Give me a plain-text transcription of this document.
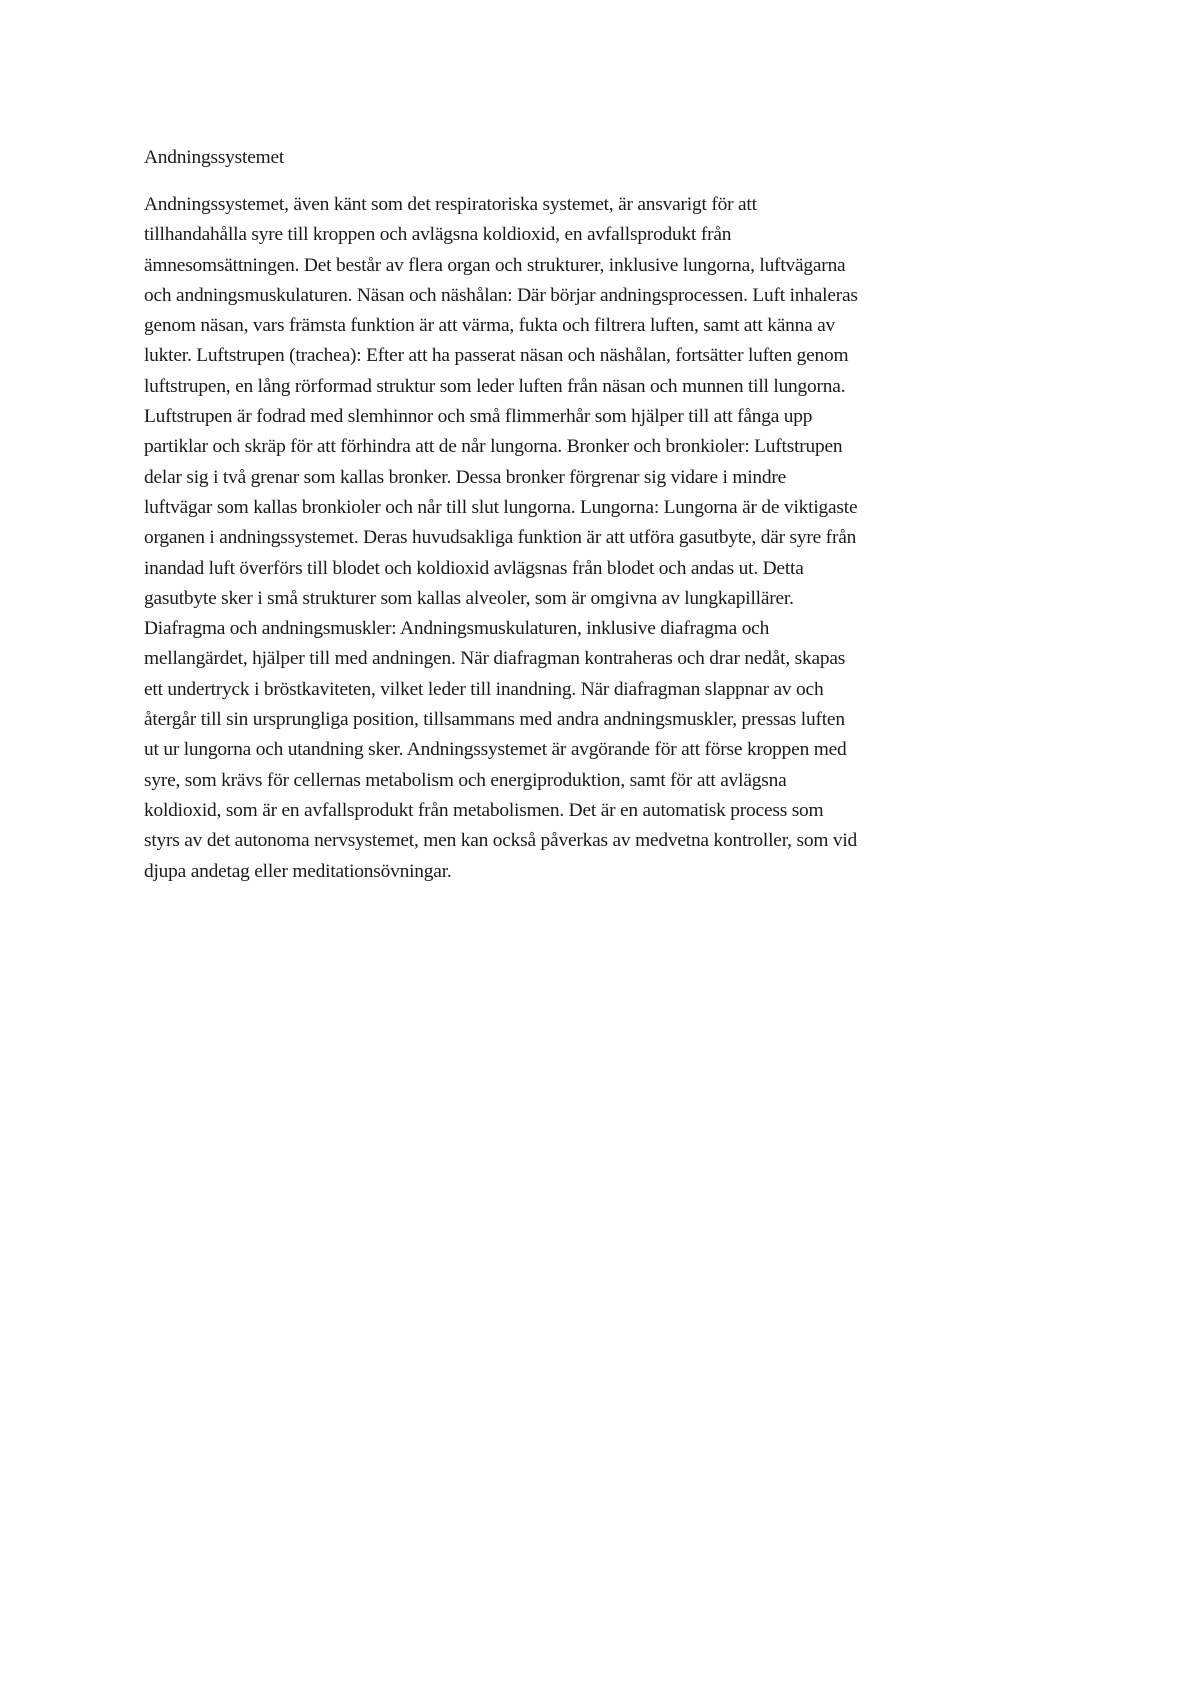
Andningssystemet

Andningssystemet, även känt som det respiratoriska systemet, är ansvarigt för att
tillhandahålla syre till kroppen och avlägsna koldioxid, en avfallsprodukt från
ämnesomsättningen. Det består av flera organ och strukturer, inklusive lungorna, luftvägarna
och andningsmuskulaturen. Näsan och näshålan: Där börjar andningsprocessen. Luft inhaleras
genom näsan, vars främsta funktion är att värma, fukta och filtrera luften, samt att känna av
lukter. Luftstrupen (trachea): Efter att ha passerat näsan och näshålan, fortsätter luften genom
luftstrupen, en lång rörformad struktur som leder luften från näsan och munnen till lungorna.
Luftstrupen är fodrad med slemhinnor och små flimmerhår som hjälper till att fånga upp
partiklar och skräp för att förhindra att de når lungorna. Bronker och bronkioler: Luftstrupen
delar sig i två grenar som kallas bronker. Dessa bronker förgrenar sig vidare i mindre
luftvägar som kallas bronkioler och når till slut lungorna. Lungorna: Lungorna är de viktigaste
organen i andningssystemet. Deras huvudsakliga funktion är att utföra gasutbyte, där syre från
inandad luft överförs till blodet och koldioxid avlägsnas från blodet och andas ut. Detta
gasutbyte sker i små strukturer som kallas alveoler, som är omgivna av lungkapillärer.
Diafragma och andningsmuskler: Andningsmuskulaturen, inklusive diafragma och
mellangärdet, hjälper till med andningen. När diafragman kontraheras och drar nedåt, skapas
ett undertryck i bröstkaviteten, vilket leder till inandning. När diafragman slappnar av och
återgår till sin ursprungliga position, tillsammans med andra andningsmuskler, pressas luften
ut ur lungorna och utandning sker. Andningssystemet är avgörande för att förse kroppen med
syre, som krävs för cellernas metabolism och energiproduktion, samt för att avlägsna
koldioxid, som är en avfallsprodukt från metabolismen. Det är en automatisk process som
styrs av det autonoma nervsystemet, men kan också påverkas av medvetna kontroller, som vid
djupa andetag eller meditationsövningar.
